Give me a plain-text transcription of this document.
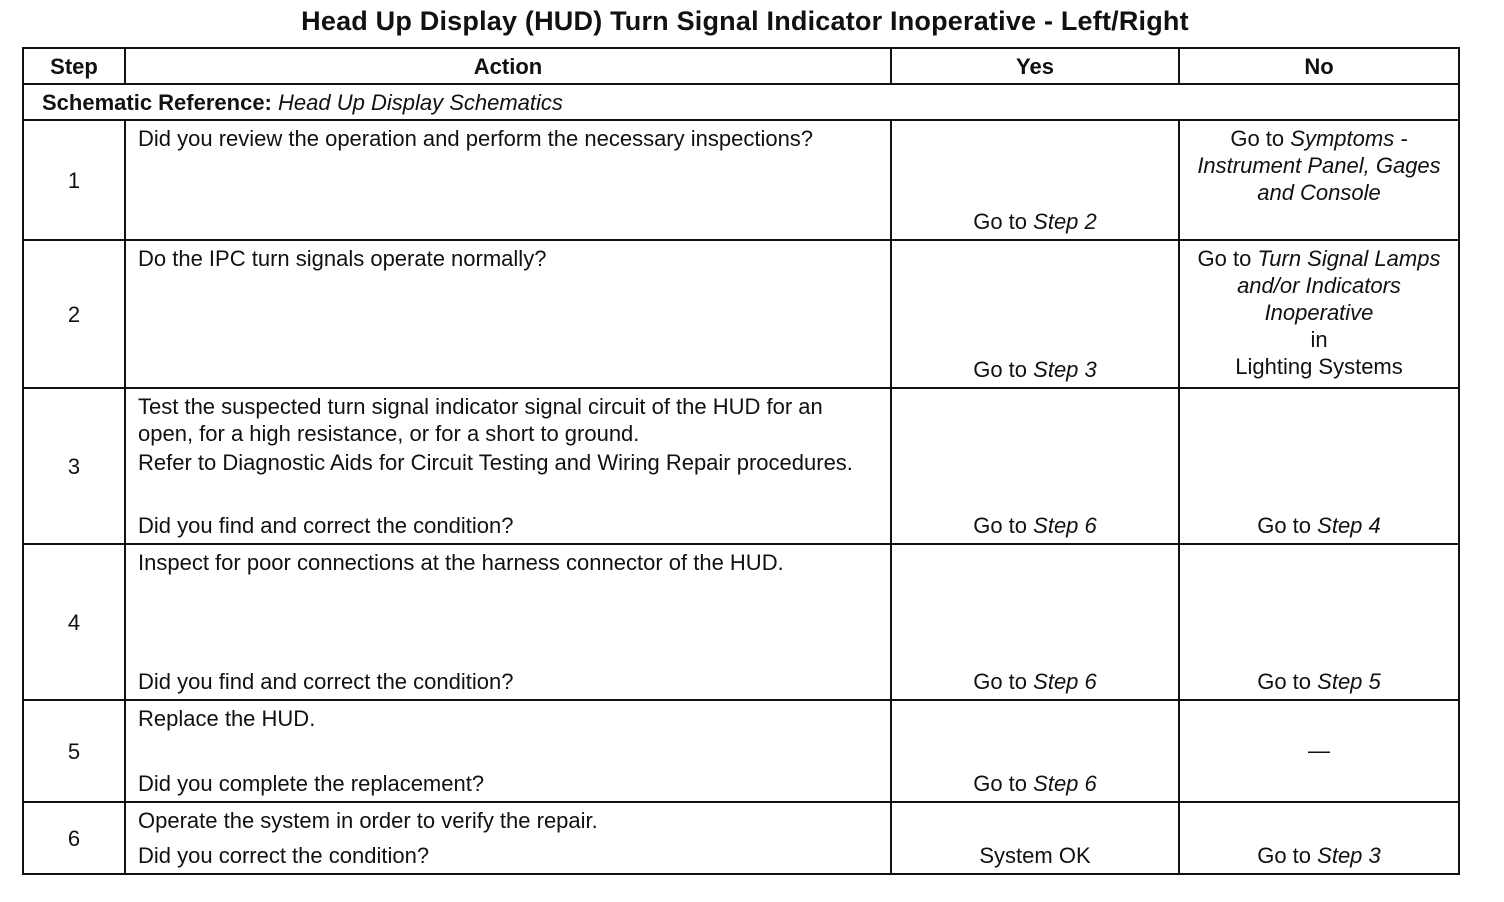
Head Up Display (HUD) Turn Signal Indicator Inoperative - Left/Right
Step	Action	Yes	No
Schematic Reference: Head Up Display Schematics			
1	Did you review the operation and perform the necessary inspections?	Go to Step 2	Go to Symptoms - Instrument Panel, Gages and Console
2	Do the IPC turn signals operate normally?	Go to Step 3	Go to Turn Signal Lamps and/or Indicators Inoperative
in
Lighting Systems
3	Test the suspected turn signal indicator signal circuit of the HUD for an open, for a high resistance, or for a short to ground.

Refer to Diagnostic Aids for Circuit Testing and Wiring Repair procedures.

Did you find and correct the condition?	Go to Step 6	Go to Step 4
4	Inspect for poor connections at the harness connector of the HUD.

Did you find and correct the condition?	Go to Step 6	Go to Step 5
5	Replace the HUD.

Did you complete the replacement?	Go to Step 6	—
6	Operate the system in order to verify the repair.

Did you correct the condition?	System OK	Go to Step 3
